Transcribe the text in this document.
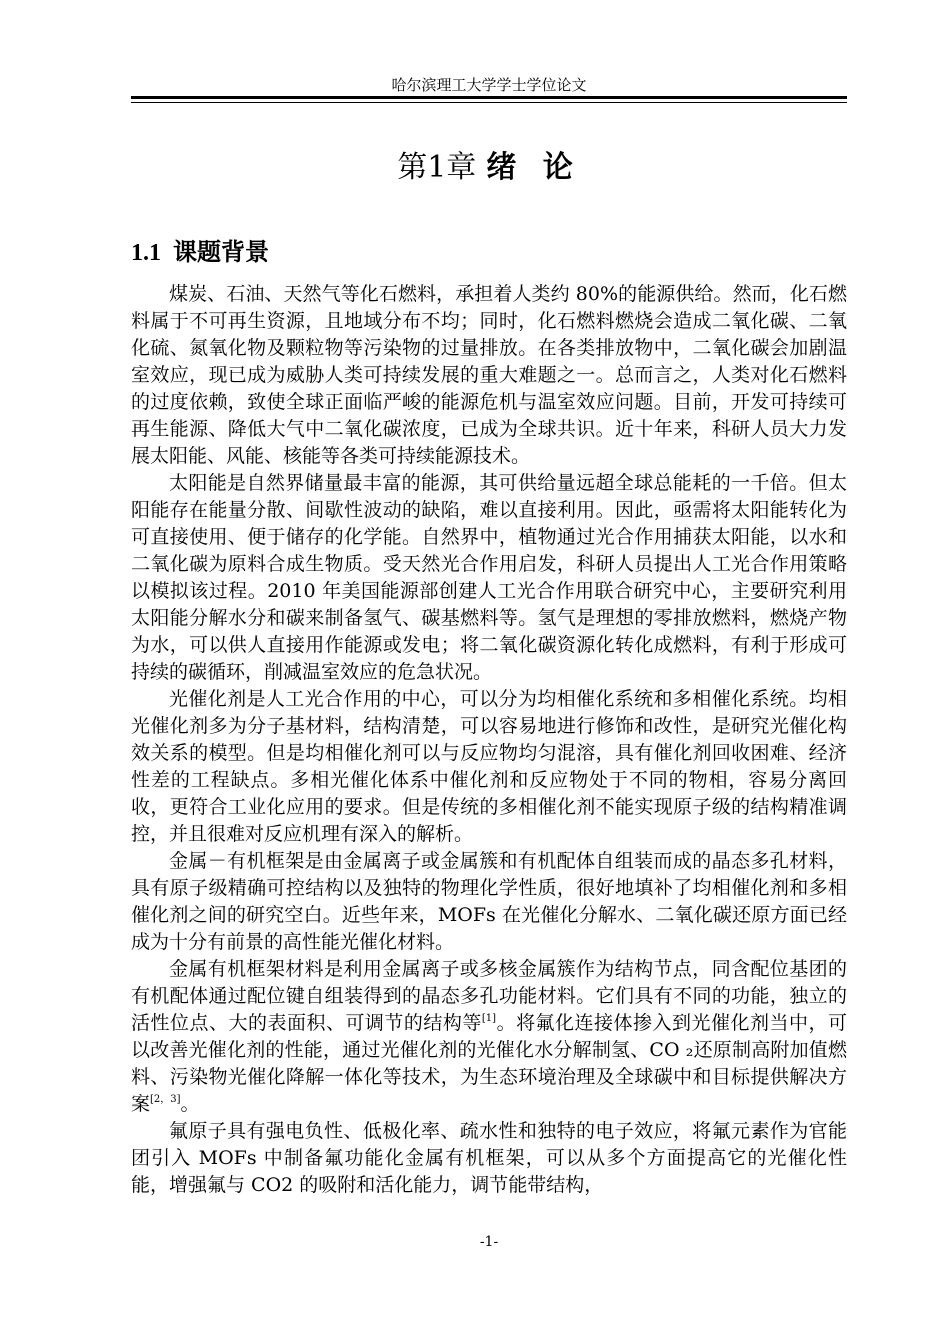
哈尔滨理工大学学士学位论文
第1章 绪 论
1.1 课题背景

煤炭、石油、天然气等化石燃料，承担着人类约 80%的能源供给。然而，化石燃料属于不可再生资源，且地域分布不均；同时，化石燃料燃烧会造成二氧化碳、二氧化硫、氮氧化物及颗粒物等污染物的过量排放。在各类排放物中，二氧化碳会加剧温室效应，现已成为威胁人类可持续发展的重大难题之一。总而言之，人类对化石燃料的过度依赖，致使全球正面临严峻的能源危机与温室效应问题。目前，开发可持续可再生能源、降低大气中二氧化碳浓度，已成为全球共识。近十年来，科研人员大力发展太阳能、风能、核能等各类可持续能源技术。

太阳能是自然界储量最丰富的能源，其可供给量远超全球总能耗的一千倍。但太阳能存在能量分散、间歇性波动的缺陷，难以直接利用。因此，亟需将太阳能转化为可直接使用、便于储存的化学能。自然界中，植物通过光合作用捕获太阳能，以水和二氧化碳为原料合成生物质。受天然光合作用启发，科研人员提出人工光合作用策略以模拟该过程。2010 年美国能源部创建人工光合作用联合研究中心，主要研究利用太阳能分解水分和碳来制备氢气、碳基燃料等。氢气是理想的零排放燃料，燃烧产物为水，可以供人直接用作能源或发电；将二氧化碳资源化转化成燃料，有利于形成可持续的碳循环，削减温室效应的危急状况。

光催化剂是人工光合作用的中心，可以分为均相催化系统和多相催化系统。均相光催化剂多为分子基材料，结构清楚，可以容易地进行修饰和改性，是研究光催化构效关系的模型。但是均相催化剂可以与反应物均匀混溶，具有催化剂回收困难、经济性差的工程缺点。多相光催化体系中催化剂和反应物处于不同的物相，容易分离回收，更符合工业化应用的要求。但是传统的多相催化剂不能实现原子级的结构精准调控，并且很难对反应机理有深入的解析。

金属－有机框架是由金属离子或金属簇和有机配体自组装而成的晶态多孔材料，具有原子级精确可控结构以及独特的物理化学性质，很好地填补了均相催化剂和多相催化剂之间的研究空白。近些年来，MOFs 在光催化分解水、二氧化碳还原方面已经成为十分有前景的高性能光催化材料。

金属有机框架材料是利用金属离子或多核金属簇作为结构节点，同含配位基团的有机配体通过配位键自组装得到的晶态多孔功能材料。它们具有不同的功能，独立的活性位点、大的表面积、可调节的结构等[1]。将氟化连接体掺入到光催化剂当中，可以改善光催化剂的性能，通过光催化剂的光催化水分解制氢、CO ₂还原制高附加值燃料、污染物光催化降解一体化等技术，为生态环境治理及全球碳中和目标提供解决方案[2，3]。

氟原子具有强电负性、低极化率、疏水性和独特的电子效应，将氟元素作为官能团引入 MOFs 中制备氟功能化金属有机框架，可以从多个方面提高它的光催化性能，增强氟与 CO2 的吸附和活化能力，调节能带结构，

-1-
